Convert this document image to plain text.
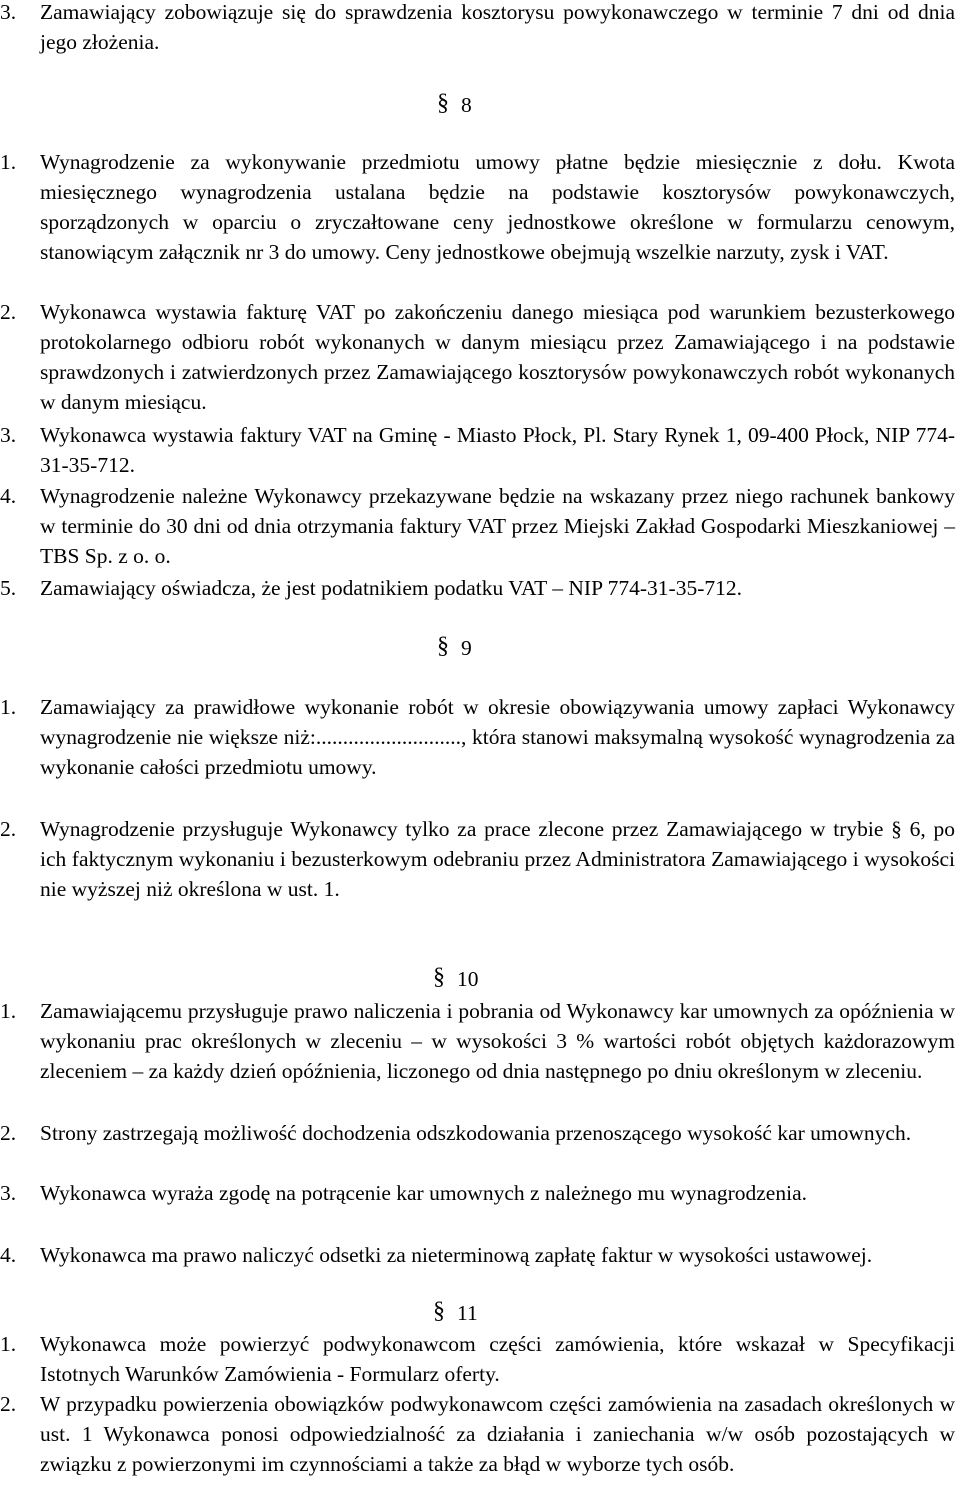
3.	Zamawiający zobowiązuje się do sprawdzenia kosztorysu powykonawczego w terminie 7 dni od dnia jego złożenia.
§ 8
1.	Wynagrodzenie za wykonywanie przedmiotu umowy płatne będzie miesięcznie z dołu. Kwota miesięcznego wynagrodzenia ustalana będzie na podstawie kosztorysów powykonawczych, sporządzonych w oparciu o zryczałtowane ceny jednostkowe określone w formularzu cenowym, stanowiącym załącznik nr 3 do umowy. Ceny jednostkowe obejmują wszelkie narzuty, zysk i VAT.
2.	Wykonawca wystawia fakturę VAT po zakończeniu danego miesiąca pod warunkiem bezusterkowego protokolarnego odbioru robót wykonanych w danym miesiącu przez Zamawiającego i na podstawie sprawdzonych i zatwierdzonych przez Zamawiającego kosztorysów powykonawczych robót wykonanych w danym miesiącu.
3.	Wykonawca wystawia faktury VAT na Gminę - Miasto Płock, Pl. Stary Rynek 1, 09-400 Płock, NIP 774-31-35-712.
4.	Wynagrodzenie należne Wykonawcy przekazywane będzie na wskazany przez niego rachunek bankowy w terminie do 30 dni od dnia otrzymania faktury VAT przez Miejski Zakład Gospodarki Mieszkaniowej – TBS Sp. z o. o.
5.	Zamawiający oświadcza, że jest podatnikiem podatku VAT – NIP 774-31-35-712.
§ 9
1.	Zamawiający za prawidłowe wykonanie robót w okresie obowiązywania umowy zapłaci Wykonawcy wynagrodzenie nie większe niż:..........................., która stanowi maksymalną wysokość wynagrodzenia za wykonanie całości przedmiotu umowy.
2.	Wynagrodzenie przysługuje Wykonawcy tylko za prace zlecone przez Zamawiającego w trybie § 6, po ich faktycznym wykonaniu i bezusterkowym odebraniu przez Administratora Zamawiającego i wysokości nie wyższej niż określona w ust. 1.
§ 10
1.	Zamawiającemu przysługuje prawo naliczenia i pobrania od Wykonawcy kar umownych za opóźnienia w wykonaniu prac określonych w zleceniu – w wysokości 3 % wartości robót objętych każdorazowym zleceniem – za każdy dzień opóźnienia, liczonego od dnia następnego po dniu określonym w zleceniu.
2.	Strony zastrzegają możliwość dochodzenia odszkodowania przenoszącego wysokość kar umownych.
3.	Wykonawca wyraża zgodę na potrącenie kar umownych z należnego mu wynagrodzenia.
4.	Wykonawca ma prawo naliczyć odsetki za nieterminową zapłatę faktur w wysokości ustawowej.
§ 11
1.	Wykonawca może powierzyć podwykonawcom części zamówienia, które wskazał w Specyfikacji Istotnych Warunków Zamówienia - Formularz oferty.
2.	W przypadku powierzenia obowiązków podwykonawcom części zamówienia na zasadach określonych w ust. 1 Wykonawca ponosi odpowiedzialność za działania i zaniechania w/w osób pozostających w związku z powierzonymi im czynnościami a także za błąd w wyborze tych osób.
